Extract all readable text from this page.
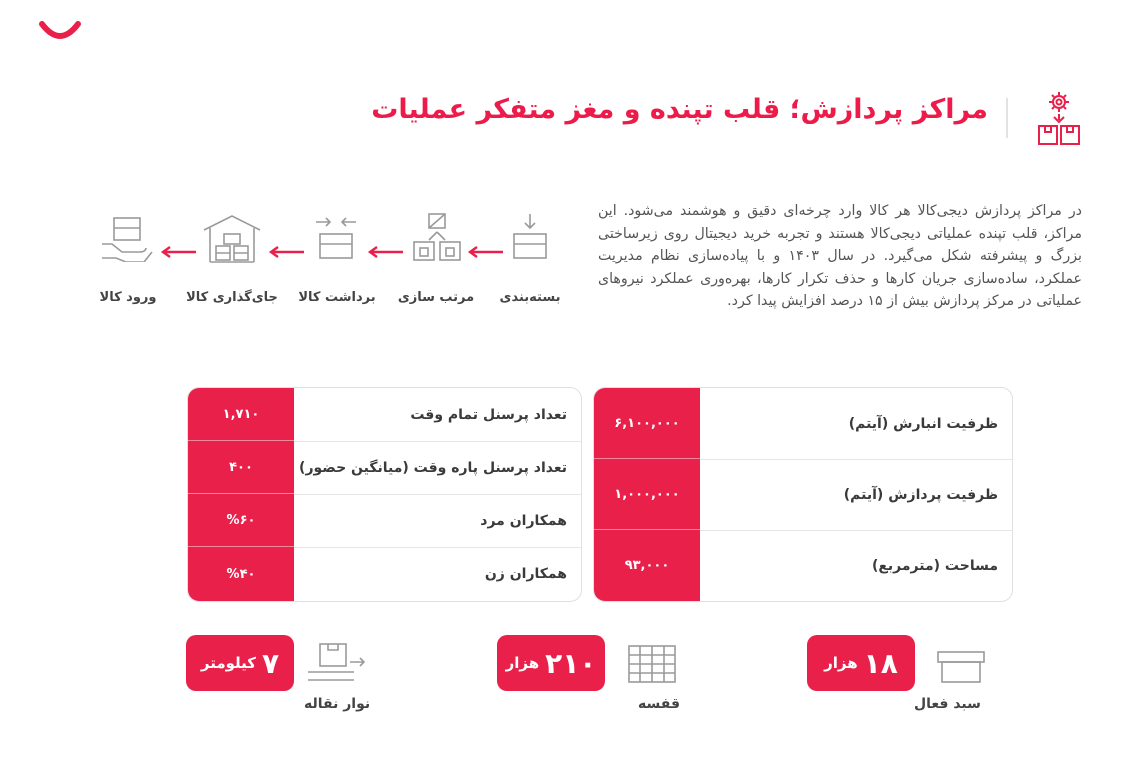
مراکز پردازش؛ قلب تپنده و مغز متفکر عملیات
در مراکز پردازش دیجی‌کالا هر کالا وارد چرخه‌ای دقیق و هوشمند می‌شود. این مراکز، قلب تپنده عملیاتی دیجی‌کالا هستند و تجربه خرید دیجیتال روی زیرساختی بزرگ و پیشرفته شکل می‌گیرد. در سال ۱۴۰۳ و با پیاده‌سازی نظام مدیریت عملکرد، ساده‌سازی جریان کارها و حذف تکرار کارها، بهره‌وری عملکرد نیروهای عملیاتی در مرکز پردازش بیش از ۱۵ درصد افزایش پیدا کرد.
بسته‌بندی
مرتب سازی
برداشت کالا
جای‌گذاری کالا
ورود کالا
۶,۱۰۰,۰۰۰	ظرفیت انبارش (آیتم)
۱,۰۰۰,۰۰۰	ظرفیت پردازش (آیتم)
۹۳,۰۰۰	مساحت (مترمربع)
۱,۷۱۰	تعداد پرسنل تمام وقت
۴۰۰	تعداد پرسنل پاره وقت (میانگین حضور)
%۶۰	همکاران مرد
%۴۰	همکاران زن
۱۸
هزار
سبد فعال
۲۱۰
هزار
قفسه
۷
کیلومتر
نوار نقاله
